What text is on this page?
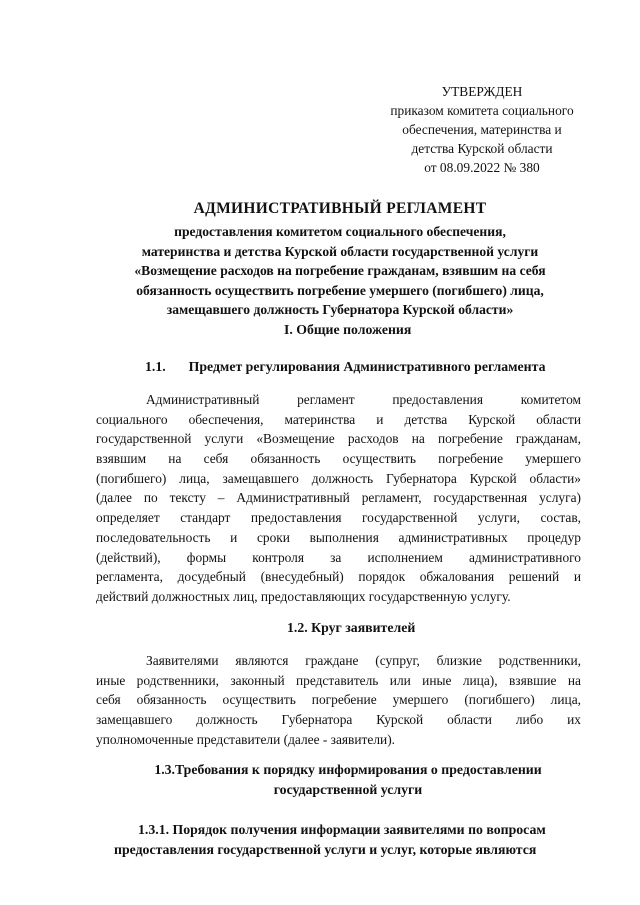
УТВЕРЖДЕН
приказом комитета социального
обеспечения, материнства и
детства Курской области
от 08.09.2022 № 380
АДМИНИСТРАТИВНЫЙ РЕГЛАМЕНТ
предоставления комитетом социального обеспечения,
материнства и детства Курской области государственной услуги
«Возмещение расходов на погребение гражданам, взявшим на себя
обязанность осуществить погребение умершего (погибшего) лица,
замещавшего должность Губернатора Курской области»
I. Общие положения
1.1. Предмет регулирования Административного регламента
Административный регламент предоставления комитетом
социального обеспечения, материнства и детства Курской области
государственной услуги «Возмещение расходов на погребение гражданам,
взявшим на себя обязанность осуществить погребение умершего
(погибшего) лица, замещавшего должность Губернатора Курской области»
(далее по тексту – Административный регламент, государственная услуга)
определяет стандарт предоставления государственной услуги, состав,
последовательность и сроки выполнения административных процедур
(действий), формы контроля за исполнением административного
регламента, досудебный (внесудебный) порядок обжалования решений и
действий должностных лиц, предоставляющих государственную услугу.
1.2. Круг заявителей
Заявителями являются граждане (супруг, близкие родственники,
иные родственники, законный представитель или иные лица), взявшие на
себя обязанность осуществить погребение умершего (погибшего) лица,
замещавшего должность Губернатора Курской области либо их
уполномоченные представители (далее - заявители).
1.3.Требования к порядку информирования о предоставлении
государственной услуги
1.3.1. Порядок получения информации заявителями по вопросам
предоставления государственной услуги и услуг, которые являются
